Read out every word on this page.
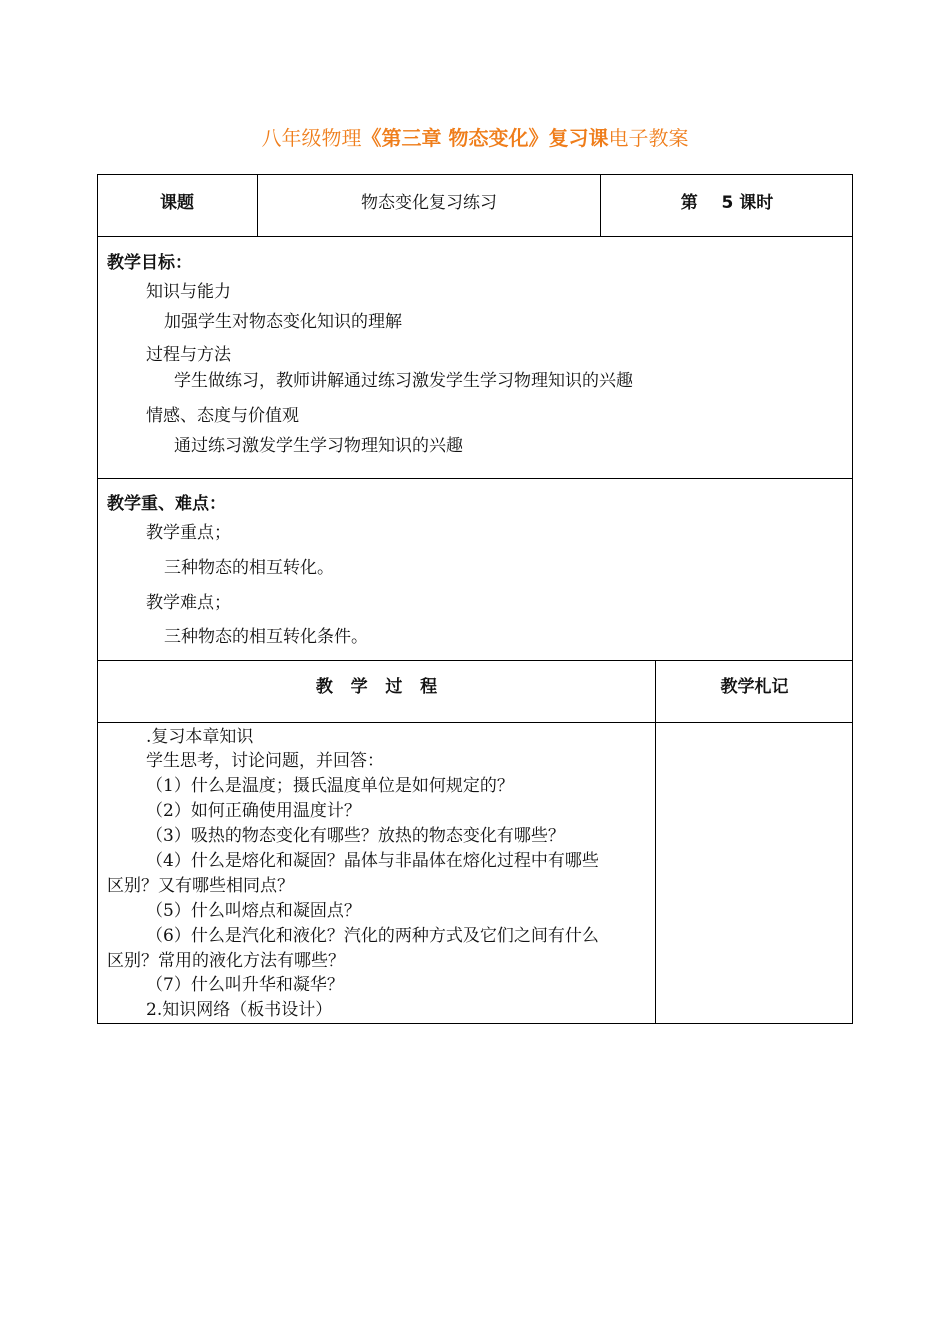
八年级物理《第三章 物态变化》复习课电子教案
课题	物态变化复习练习	第    5 课时
教学目标：
知识与能力
加强学生对物态变化知识的理解
过程与方法
学生做练习，教师讲解通过练习激发学生学习物理知识的兴趣
情感、态度与价值观
通过练习激发学生学习物理知识的兴趣
教学重、难点：
教学重点；
三种物态的相互转化。
教学难点；
三种物态的相互转化条件。
教   学   过   程	教学札记
.复习本章知识
学生思考，讨论问题，并回答：
（1）什么是温度；摄氏温度单位是如何规定的？
（2）如何正确使用温度计？
（3）吸热的物态变化有哪些？放热的物态变化有哪些？
（4）什么是熔化和凝固？晶体与非晶体在熔化过程中有哪些
区别？又有哪些相同点？
（5）什么叫熔点和凝固点？
（6）什么是汽化和液化？汽化的两种方式及它们之间有什么
区别？常用的液化方法有哪些？
（7）什么叫升华和凝华？
2.知识网络（板书设计）
